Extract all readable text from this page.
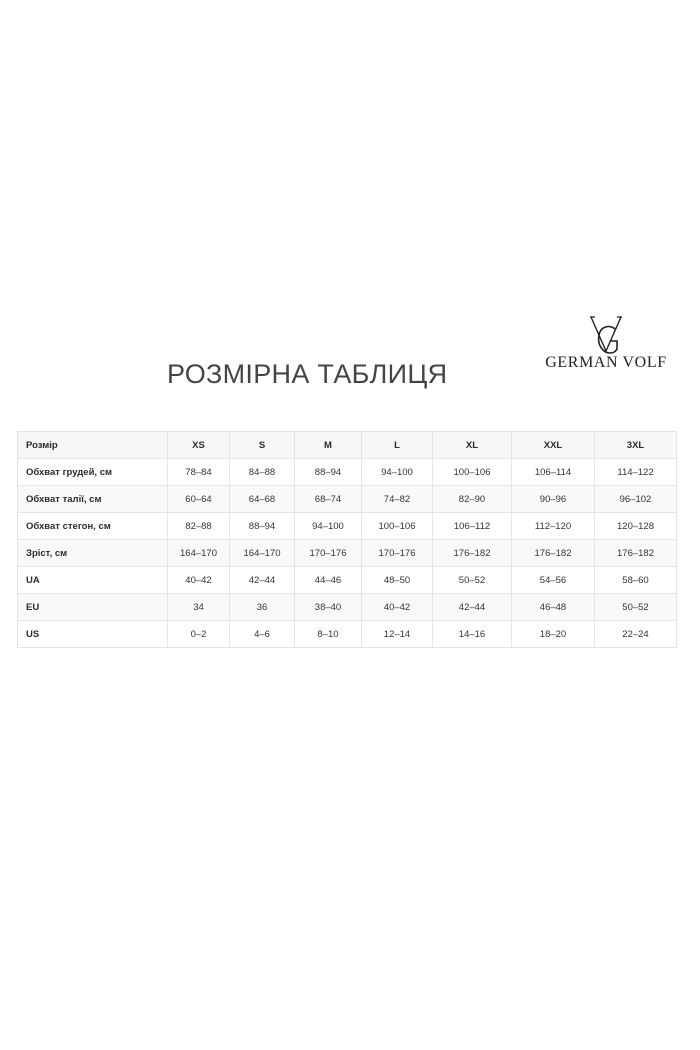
РОЗМІРНА ТАБЛИЦЯ	GERMAN VOLF
Розмір	XS	S	M	L	XL	XXL	3XL
Обхват грудей, см	78–84	84–88	88–94	94–100	100–106	106–114	114–122
Обхват талії, см	60–64	64–68	68–74	74–82	82–90	90–96	96–102
Обхват стегон, см	82–88	88–94	94–100	100–106	106–112	112–120	120–128
Зріст, см	164–170	164–170	170–176	170–176	176–182	176–182	176–182
UA	40–42	42–44	44–46	48–50	50–52	54–56	58–60
EU	34	36	38–40	40–42	42–44	46–48	50–52
US	0–2	4–6	8–10	12–14	14–16	18–20	22–24
